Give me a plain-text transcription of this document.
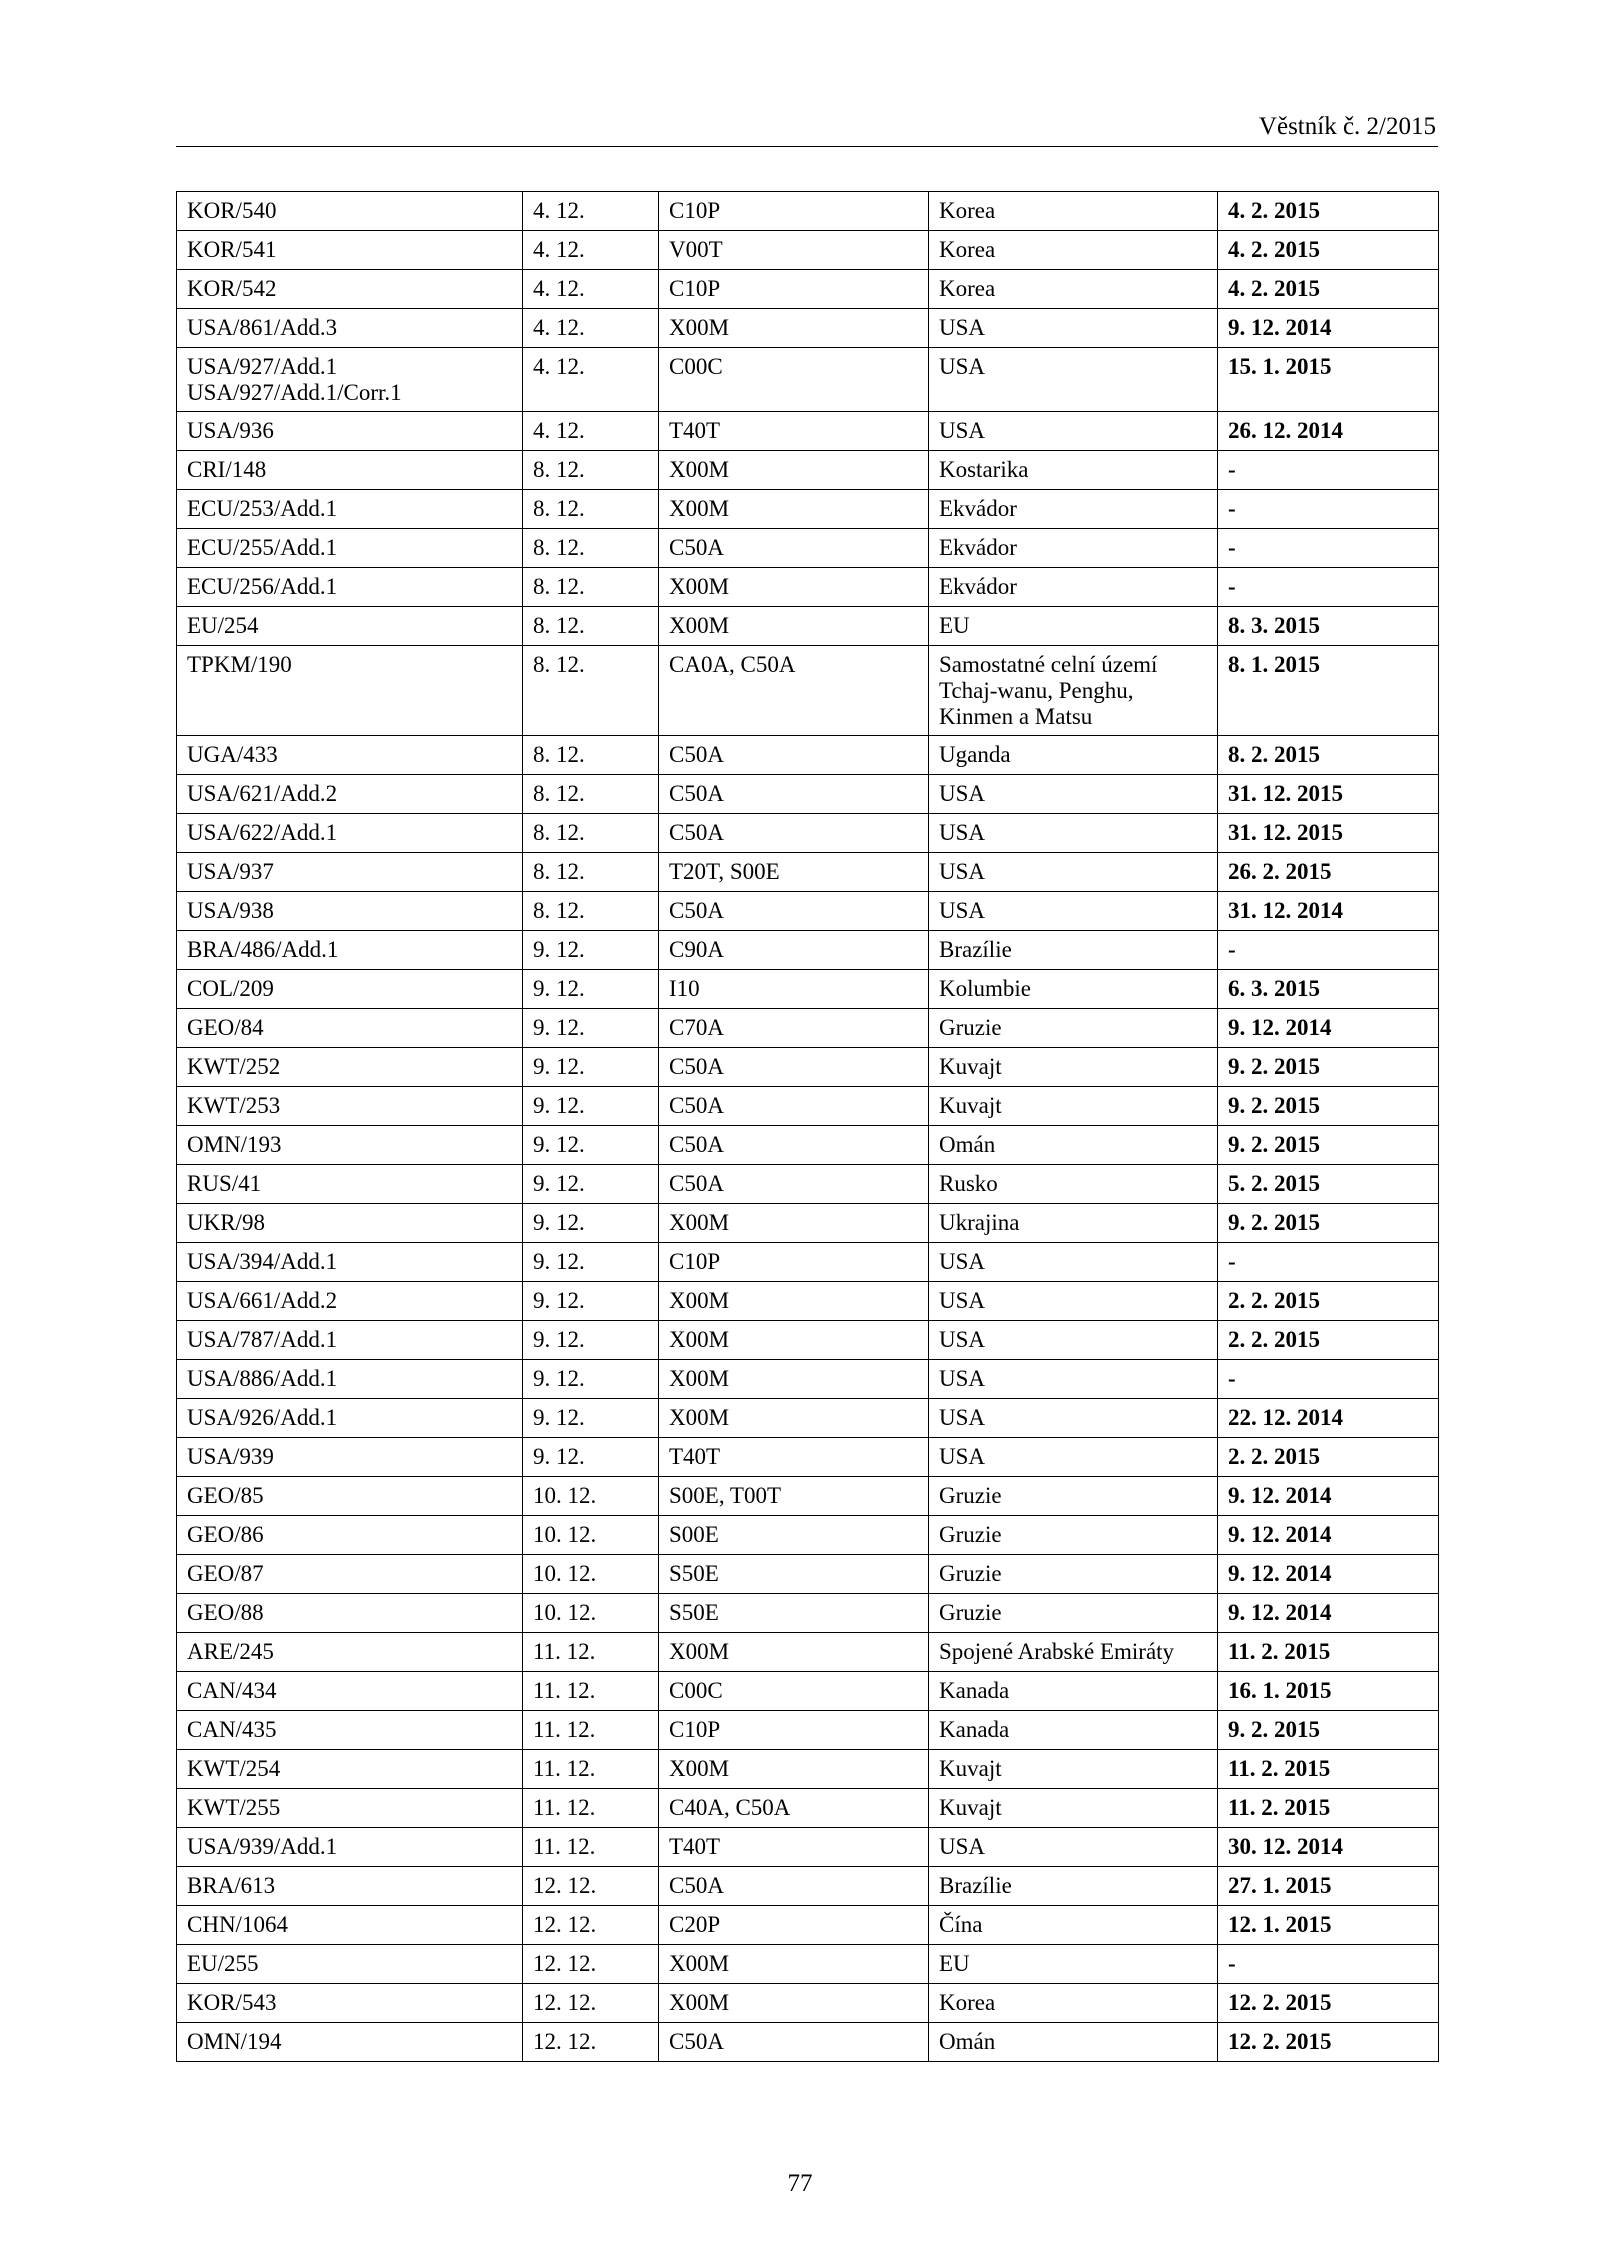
Věstník č. 2/2015
KOR/540	4. 12.	C10P	Korea	4. 2. 2015

KOR/541	4. 12.	V00T	Korea	4. 2. 2015

KOR/542	4. 12.	C10P	Korea	4. 2. 2015

USA/861/Add.3	4. 12.	X00M	USA	9. 12. 2014

USA/927/Add.1
USA/927/Add.1/Corr.1	4. 12.	C00C	USA	15. 1. 2015

USA/936	4. 12.	T40T	USA	26. 12. 2014

CRI/148	8. 12.	X00M	Kostarika	-

ECU/253/Add.1	8. 12.	X00M	Ekvádor	-

ECU/255/Add.1	8. 12.	C50A	Ekvádor	-

ECU/256/Add.1	8. 12.	X00M	Ekvádor	-

EU/254	8. 12.	X00M	EU	8. 3. 2015

TPKM/190	8. 12.	CA0A, C50A	Samostatné celní území
Tchaj-wanu, Penghu,
Kinmen a Matsu	8. 1. 2015

UGA/433	8. 12.	C50A	Uganda	8. 2. 2015

USA/621/Add.2	8. 12.	C50A	USA	31. 12. 2015

USA/622/Add.1	8. 12.	C50A	USA	31. 12. 2015

USA/937	8. 12.	T20T, S00E	USA	26. 2. 2015

USA/938	8. 12.	C50A	USA	31. 12. 2014

BRA/486/Add.1	9. 12.	C90A	Brazílie	-

COL/209	9. 12.	I10	Kolumbie	6. 3. 2015

GEO/84	9. 12.	C70A	Gruzie	9. 12. 2014

KWT/252	9. 12.	C50A	Kuvajt	9. 2. 2015

KWT/253	9. 12.	C50A	Kuvajt	9. 2. 2015

OMN/193	9. 12.	C50A	Omán	9. 2. 2015

RUS/41	9. 12.	C50A	Rusko	5. 2. 2015

UKR/98	9. 12.	X00M	Ukrajina	9. 2. 2015

USA/394/Add.1	9. 12.	C10P	USA	-

USA/661/Add.2	9. 12.	X00M	USA	2. 2. 2015

USA/787/Add.1	9. 12.	X00M	USA	2. 2. 2015

USA/886/Add.1	9. 12.	X00M	USA	-

USA/926/Add.1	9. 12.	X00M	USA	22. 12. 2014

USA/939	9. 12.	T40T	USA	2. 2. 2015

GEO/85	10. 12.	S00E, T00T	Gruzie	9. 12. 2014

GEO/86	10. 12.	S00E	Gruzie	9. 12. 2014

GEO/87	10. 12.	S50E	Gruzie	9. 12. 2014

GEO/88	10. 12.	S50E	Gruzie	9. 12. 2014

ARE/245	11. 12.	X00M	Spojené Arabské Emiráty	11. 2. 2015

CAN/434	11. 12.	C00C	Kanada	16. 1. 2015

CAN/435	11. 12.	C10P	Kanada	9. 2. 2015

KWT/254	11. 12.	X00M	Kuvajt	11. 2. 2015

KWT/255	11. 12.	C40A, C50A	Kuvajt	11. 2. 2015

USA/939/Add.1	11. 12.	T40T	USA	30. 12. 2014

BRA/613	12. 12.	C50A	Brazílie	27. 1. 2015

CHN/1064	12. 12.	C20P	Čína	12. 1. 2015

EU/255	12. 12.	X00M	EU	-

KOR/543	12. 12.	X00M	Korea	12. 2. 2015

OMN/194	12. 12.	C50A	Omán	12. 2. 2015
77
